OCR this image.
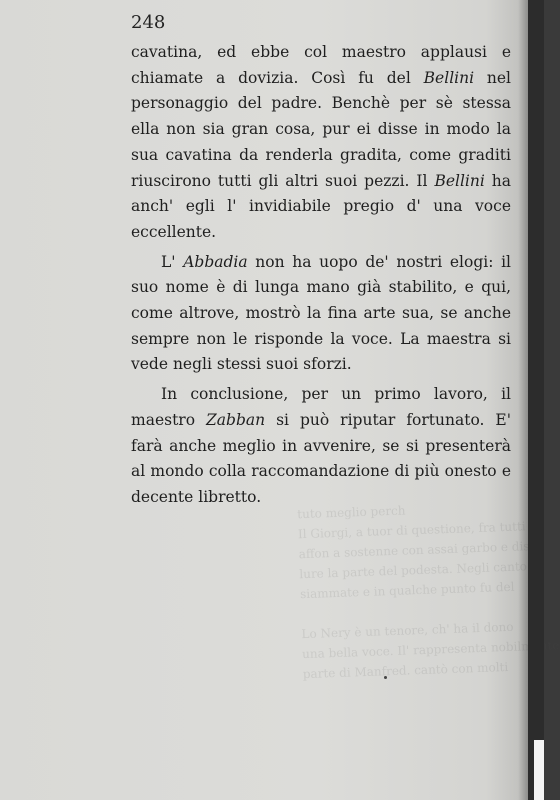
248

cavatina, ed ebbe col maestro applausi e chiamate a dovizia. Così fu del Bellini nel personaggio del padre. Benchè per sè stessa ella non sia gran cosa, pur ei disse in modo la sua cavatina da renderla gradita, come graditi riuscirono tutti gli altri suoi pezzi. Il Bellini ha anch' egli l' invidiabile pregio d' una voce eccellente.

L' Abbadia non ha uopo de' nostri elogi: il suo nome è di lunga mano già stabilito, e qui, come altrove, mostrò la fina arte sua, se anche sempre non le risponde la voce. La maestra si vede negli stessi suoi sforzi.

In conclusione, per un primo lavoro, il maestro Zabban si può riputar fortunato. E' farà anche meglio in avvenire, se si presenterà al mondo colla raccomandazione di più onesto e decente libretto.

tuto meglio perch
Il Giorgi, a tuor di questione, fra tutti
affon a sostenne con assai garbo e dis
lure la parte del podesta. Negli canto
siammate e in qualche punto fu del

Lo Nery è un tenore, ch' ha il dono
una bella voce. Il' rappresenta nobilmente
parte di Manfred. cantò con molti
